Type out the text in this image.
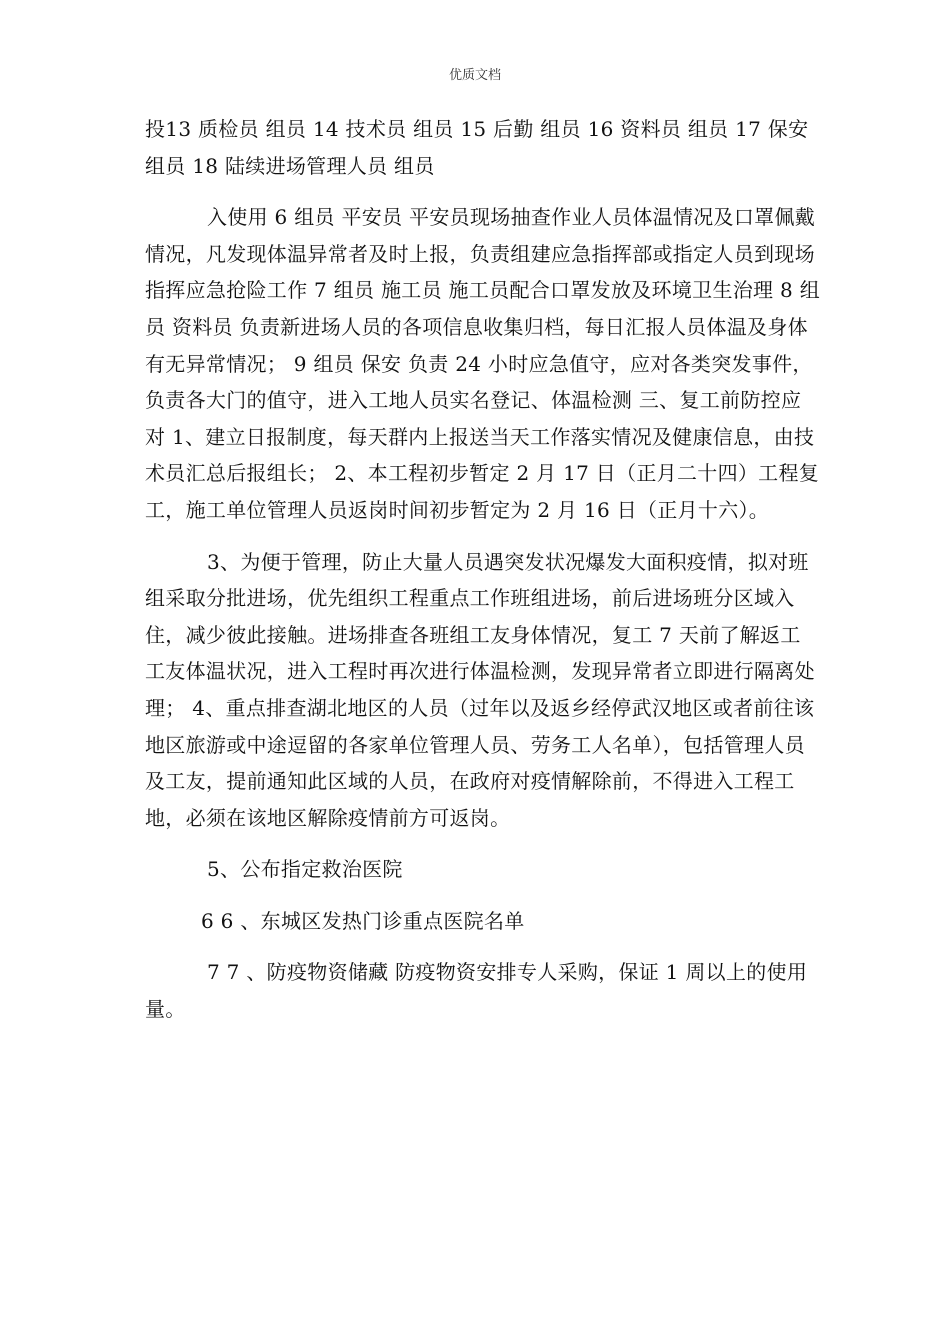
优质文档

投13 质检员 组员 14 技术员 组员 15 后勤 组员 16 资料员 组员 17 保安 组员 18 陆续进场管理人员 组员

入使用 6 组员 平安员 平安员现场抽查作业人员体温情况及口罩佩戴情况，凡发现体温异常者及时上报，负责组建应急指挥部或指定人员到现场指挥应急抢险工作 7 组员 施工员 施工员配合口罩发放及环境卫生治理 8 组员 资料员 负责新进场人员的各项信息收集归档，每日汇报人员体温及身体有无异常情况； 9 组员 保安 负责 24 小时应急值守，应对各类突发事件，负责各大门的值守，进入工地人员实名登记、体温检测 三、复工前防控应对 1、建立日报制度，每天群内上报送当天工作落实情况及健康信息，由技术员汇总后报组长； 2、本工程初步暂定 2 月 17 日（正月二十四）工程复工，施工单位管理人员返岗时间初步暂定为 2 月 16 日（正月十六）。

3、为便于管理，防止大量人员遇突发状况爆发大面积疫情，拟对班组采取分批进场，优先组织工程重点工作班组进场，前后进场班分区域入住，减少彼此接触。进场排查各班组工友身体情况，复工 7 天前了解返工工友体温状况，进入工程时再次进行体温检测，发现异常者立即进行隔离处理； 4、重点排查湖北地区的人员（过年以及返乡经停武汉地区或者前往该地区旅游或中途逗留的各家单位管理人员、劳务工人名单），包括管理人员及工友，提前通知此区域的人员，在政府对疫情解除前，不得进入工程工地，必须在该地区解除疫情前方可返岗。

5、公布指定救治医院

6 6 、东城区发热门诊重点医院名单

7 7 、防疫物资储藏 防疫物资安排专人采购，保证 1 周以上的使用量。
